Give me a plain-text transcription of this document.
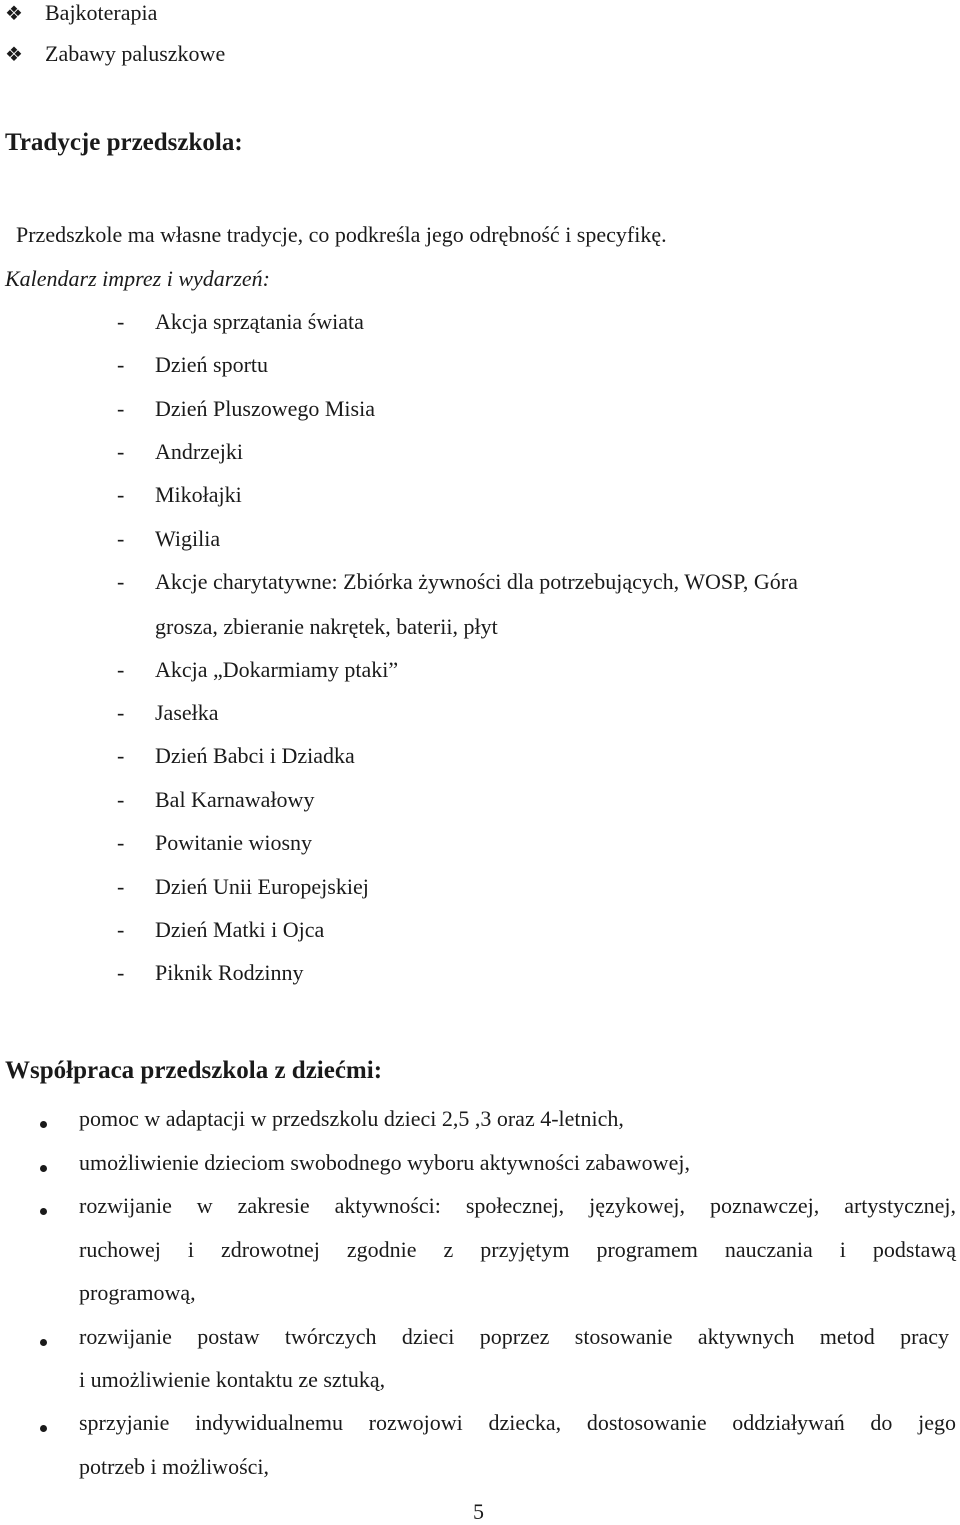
❖ Bajkoterapia
❖ Zabawy paluszkowe
Tradycje przedszkola:
Przedszkole ma własne tradycje, co podkreśla jego odrębność i specyfikę.
Kalendarz imprez i wydarzeń:
- Akcja sprzątania świata
- Dzień sportu
- Dzień Pluszowego Misia
- Andrzejki
- Mikołajki
- Wigilia
- Akcje charytatywne: Zbiórka żywności dla potrzebujących, WOSP, Góra
grosza, zbieranie nakrętek, baterii, płyt
- Akcja „Dokarmiamy ptaki”
- Jasełka
- Dzień Babci i Dziadka
- Bal Karnawałowy
- Powitanie wiosny
- Dzień Unii Europejskiej
- Dzień Matki i Ojca
- Piknik Rodzinny
Współpraca przedszkola z dziećmi:
pomoc w adaptacji w przedszkolu dzieci 2,5 ,3 oraz 4-letnich,
umożliwienie dzieciom swobodnego wyboru aktywności zabawowej,
rozwijanie w zakresie aktywności: społecznej, językowej, poznawczej, artystycznej,
ruchowej i zdrowotnej zgodnie z przyjętym programem nauczania i podstawą
programową,
rozwijanie postaw twórczych dzieci poprzez stosowanie aktywnych metod pracy
i umożliwienie kontaktu ze sztuką,
sprzyjanie indywidualnemu rozwojowi dziecka, dostosowanie oddziaływań do jego
potrzeb i możliwości,
5
